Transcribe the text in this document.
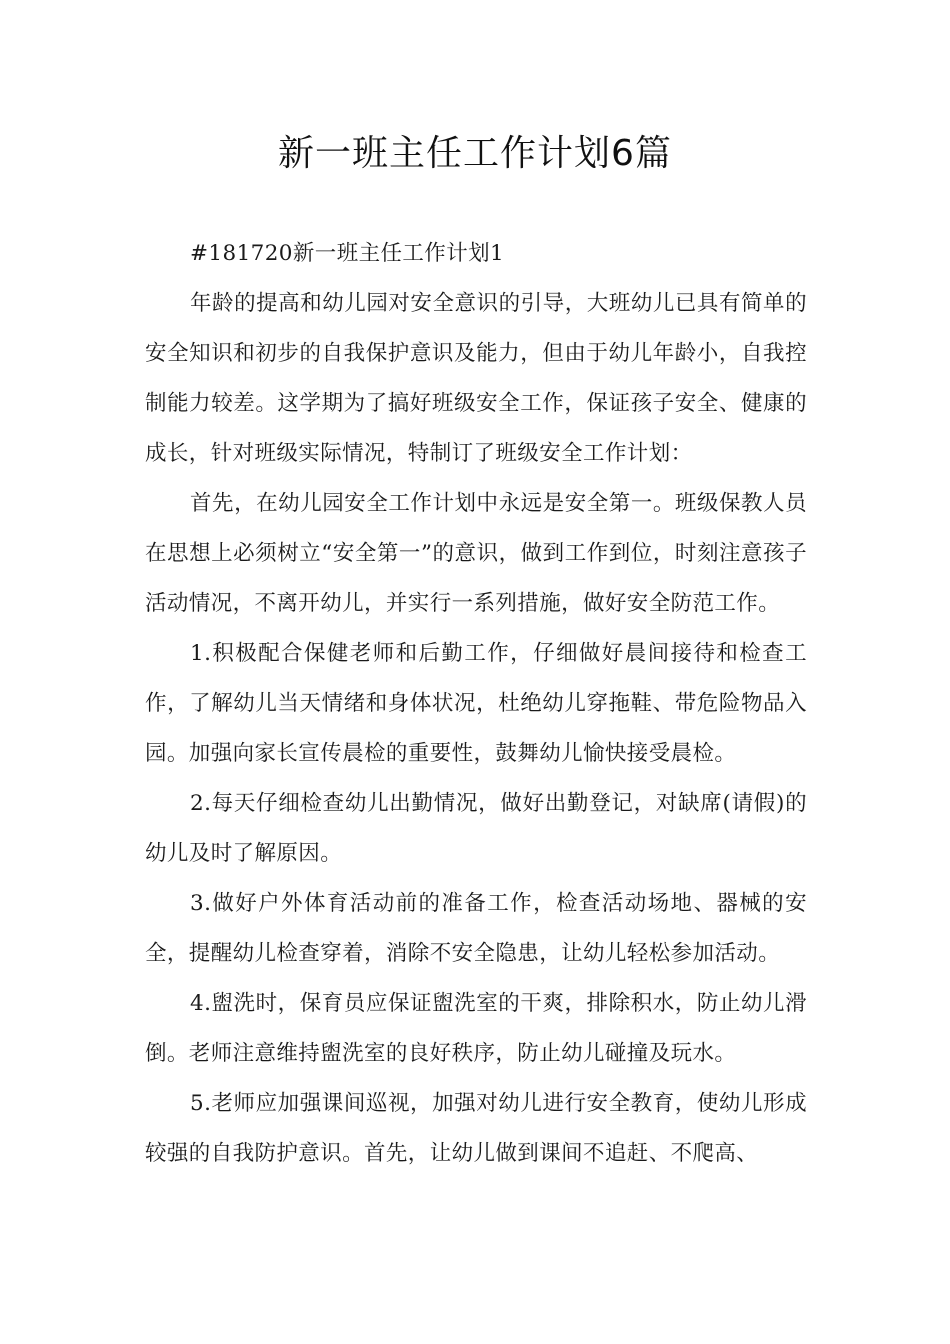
新一班主任工作计划6篇

#181720新一班主任工作计划1

年龄的提高和幼儿园对安全意识的引导，大班幼儿已具有简单的安全知识和初步的自我保护意识及能力，但由于幼儿年龄小，自我控制能力较差。这学期为了搞好班级安全工作，保证孩子安全、健康的成长，针对班级实际情况，特制订了班级安全工作计划：

首先，在幼儿园安全工作计划中永远是安全第一。班级保教人员在思想上必须树立“安全第一”的意识，做到工作到位，时刻注意孩子活动情况，不离开幼儿，并实行一系列措施，做好安全防范工作。

1.积极配合保健老师和后勤工作，仔细做好晨间接待和检查工作，了解幼儿当天情绪和身体状况，杜绝幼儿穿拖鞋、带危险物品入园。加强向家长宣传晨检的重要性，鼓舞幼儿愉快接受晨检。

2.每天仔细检查幼儿出勤情况，做好出勤登记，对缺席(请假)的幼儿及时了解原因。

3.做好户外体育活动前的准备工作，检查活动场地、器械的安全，提醒幼儿检查穿着，消除不安全隐患，让幼儿轻松参加活动。

4.盥洗时，保育员应保证盥洗室的干爽，排除积水，防止幼儿滑倒。老师注意维持盥洗室的良好秩序，防止幼儿碰撞及玩水。

5.老师应加强课间巡视，加强对幼儿进行安全教育，使幼儿形成较强的自我防护意识。首先，让幼儿做到课间不追赶、不爬高、
